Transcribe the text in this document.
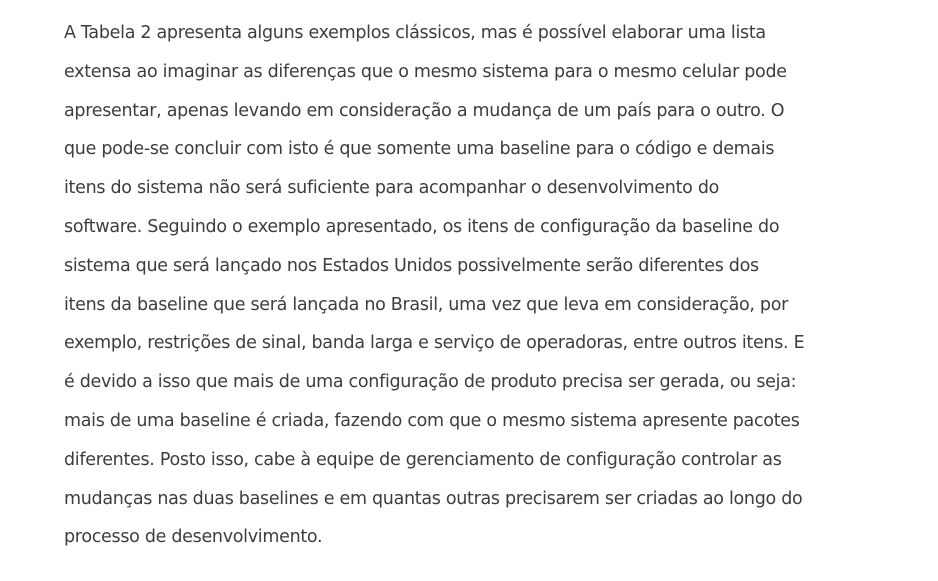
A Tabela 2 apresenta alguns exemplos clássicos, mas é possível elaborar uma lista
extensa ao imaginar as diferenças que o mesmo sistema para o mesmo celular pode
apresentar, apenas levando em consideração a mudança de um país para o outro. O
que pode-se concluir com isto é que somente uma baseline para o código e demais
itens do sistema não será suficiente para acompanhar o desenvolvimento do
software. Seguindo o exemplo apresentado, os itens de configuração da baseline do
sistema que será lançado nos Estados Unidos possivelmente serão diferentes dos
itens da baseline que será lançada no Brasil, uma vez que leva em consideração, por
exemplo, restrições de sinal, banda larga e serviço de operadoras, entre outros itens. E
é devido a isso que mais de uma configuração de produto precisa ser gerada, ou seja:
mais de uma baseline é criada, fazendo com que o mesmo sistema apresente pacotes
diferentes. Posto isso, cabe à equipe de gerenciamento de configuração controlar as
mudanças nas duas baselines e em quantas outras precisarem ser criadas ao longo do
processo de desenvolvimento.
